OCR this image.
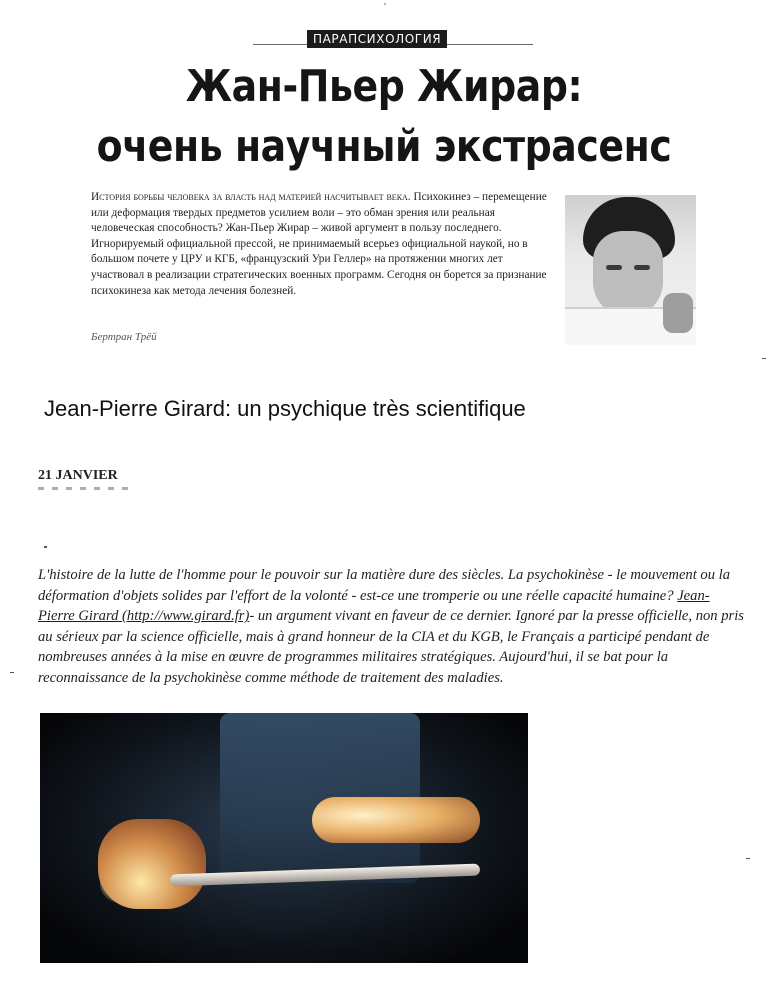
ʹ
ПАРАПСИХОЛОГИЯ
Жан-Пьер Жирар:
очень научный экстрасенс

История борьбы человека за власть над материей насчитывает века. Психокинез – перемещение или деформация твердых предметов усилием воли – это обман зрения или реальная человеческая способность? Жан-Пьер Жирар – живой аргумент в пользу последнего. Игнорируемый официальной прессой, не принимаемый всерьез официальной наукой, но в большом почете у ЦРУ и КГБ, «французский Ури Геллер» на протяжении многих лет участвовал в реализации стратегических военных программ. Сегодня он борется за признание психокинеза как метода лечения болезней.

Бертран Трёй
Jean-Pierre Girard: un psychique très scientifique
21 JANVIER

L'histoire de la lutte de l'homme pour le pouvoir sur la matière dure des siècles. La psychokinèse - le mouvement ou la déformation d'objets solides par l'effort de la volonté - est-ce une tromperie ou une réelle capacité humaine? Jean-Pierre Girard (http://www.girard.fr)- un argument vivant en faveur de ce dernier. Ignoré par la presse officielle, non pris au sérieux par la science officielle, mais à grand honneur de la CIA et du KGB, le Français a participé pendant de nombreuses années à la mise en œuvre de programmes militaires stratégiques. Aujourd'hui, il se bat pour la reconnaissance de la psychokinèse comme méthode de traitement des maladies.
